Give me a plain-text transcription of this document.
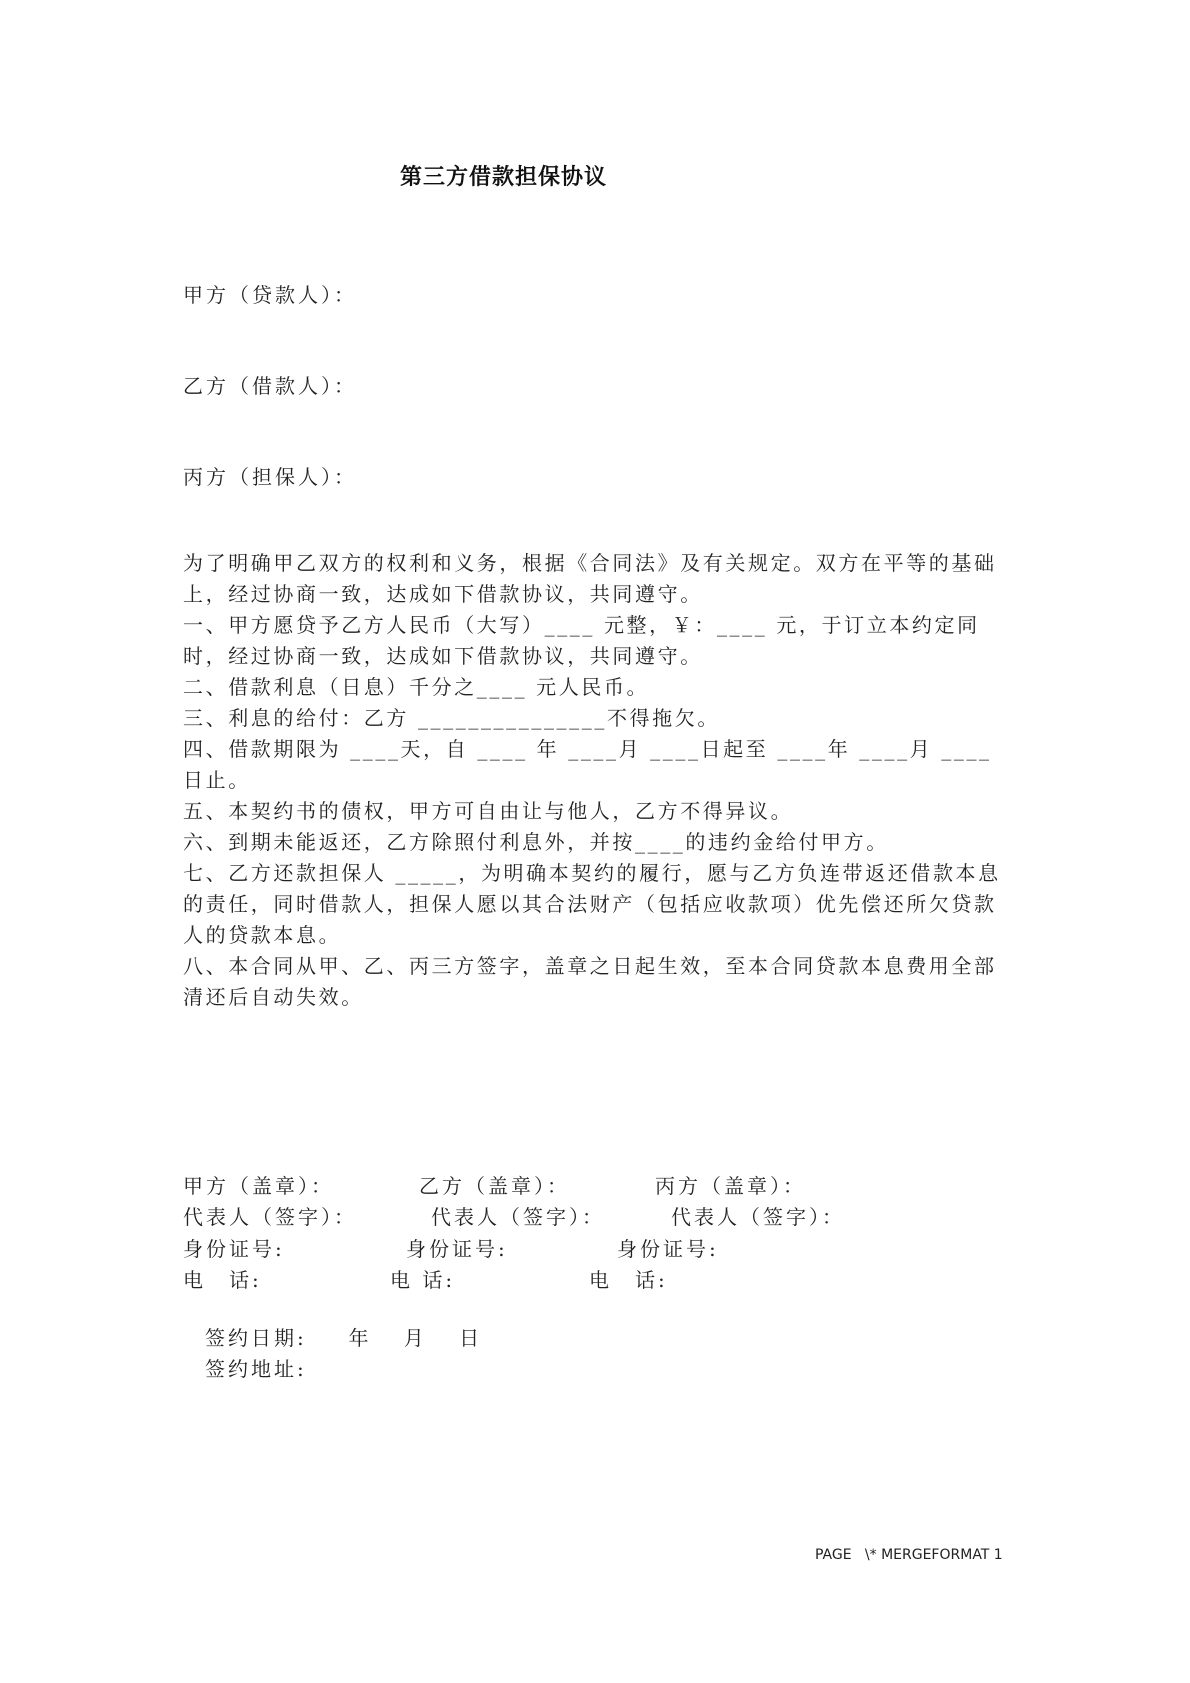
第三方借款担保协议
甲方（贷款人）：
乙方（借款人）：
丙方（担保人）：

为了明确甲乙双方的权利和义务，根据《合同法》及有关规定。双方在平等的基础上，经过协商一致，达成如下借款协议，共同遵守。

一、甲方愿贷予乙方人民币（大写）____ 元整，￥：____ 元，于订立本约定同时，经过协商一致，达成如下借款协议，共同遵守。

二、借款利息（日息）千分之____ 元人民币。

三、利息的给付：乙方 _______________不得拖欠。

四、借款期限为 ____天，自 ____ 年 ____月 ____日起至 ____年 ____月 ____日止。

五、本契约书的债权，甲方可自由让与他人，乙方不得异议。

六、到期未能返还，乙方除照付利息外，并按____的违约金给付甲方。

七、乙方还款担保人 _____，为明确本契约的履行，愿与乙方负连带返还借款本息的责任，同时借款人，担保人愿以其合法财产（包括应收款项）优先偿还所欠贷款人的贷款本息。

八、本合同从甲、乙、丙三方签字，盖章之日起生效，至本合同贷款本息费用全部清还后自动失效。

甲方（盖章）：	乙方（盖章）：	丙方（盖章）：
代表人（签字）：	代表人（签字）：	代表人（签字）：
身份证号:	身份证号:	身份证号:
电　话:	电 话:	电　话:
签约日期:　  年　 月　 日
签约地址:
PAGE   \* MERGEFORMAT 1
